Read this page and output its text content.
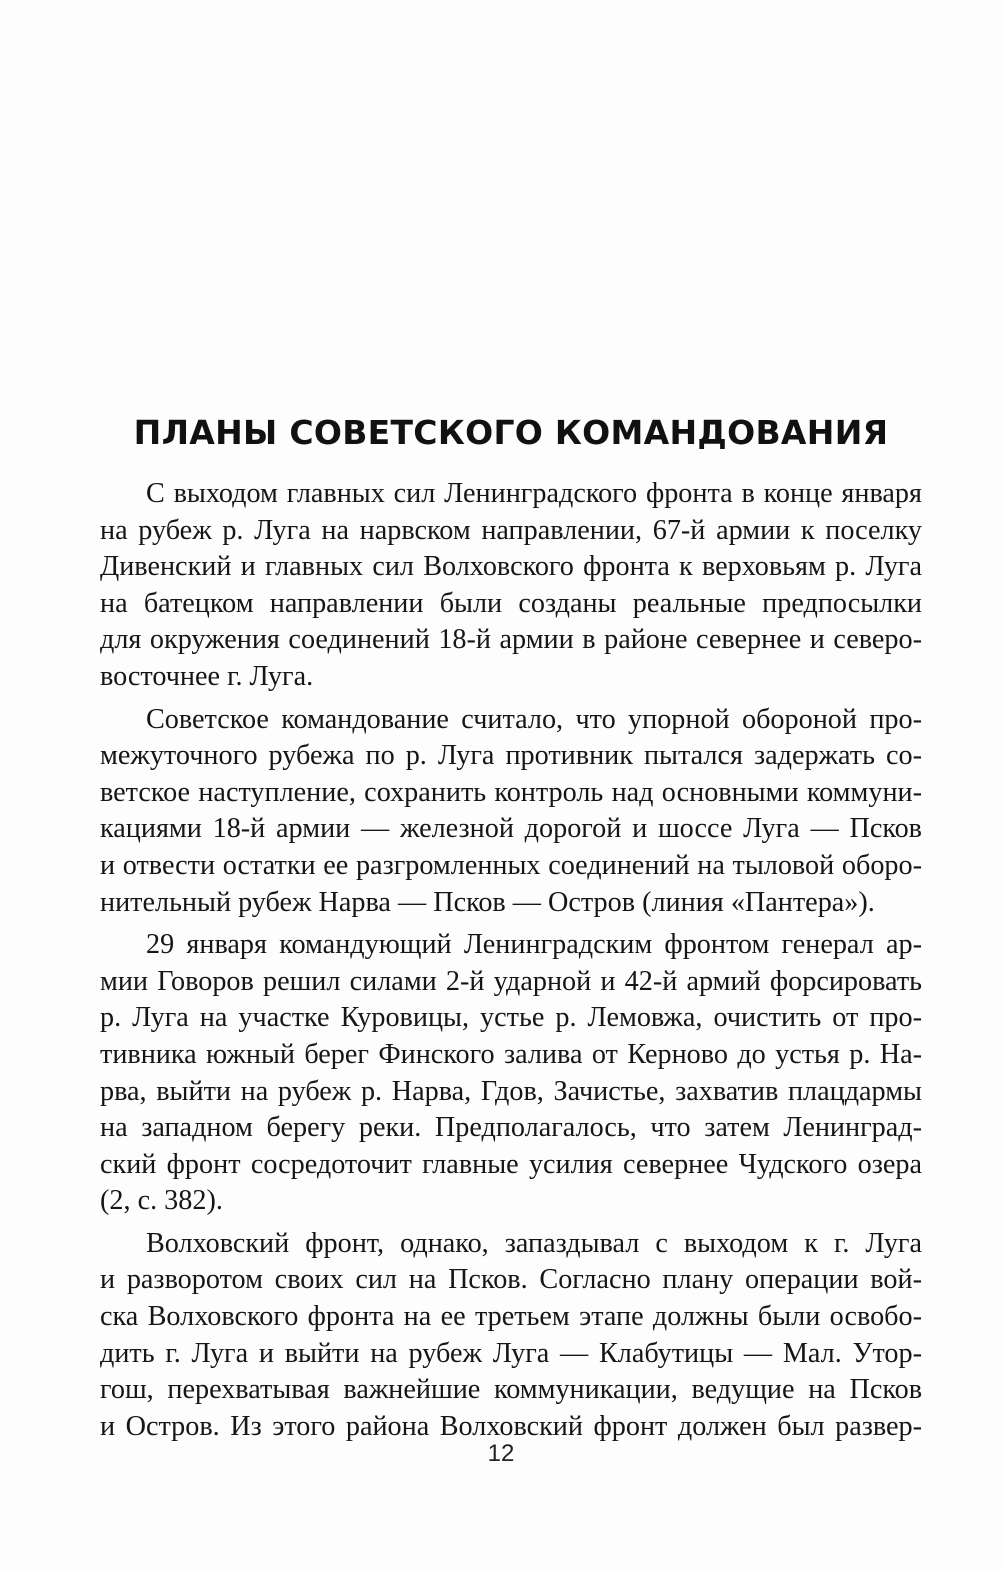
ПЛАНЫ СОВЕТСКОГО КОМАНДОВАНИЯ

С выходом главных сил Ленинградского фронта в конце января
на рубеж р. Луга на нарвском направлении, 67-й армии к поселку
Дивенский и главных сил Волховского фронта к верховьям р. Луга
на батецком направлении были созданы реальные предпосылки
для окружения соединений 18-й армии в районе севернее и северо-
восточнее г. Луга.

Советское командование считало, что упорной обороной про-
межуточного рубежа по р. Луга противник пытался задержать со-
ветское наступление, сохранить контроль над основными коммуни-
кациями 18-й армии — железной дорогой и шоссе Луга — Псков
и отвести остатки ее разгромленных соединений на тыловой оборо-
нительный рубеж Нарва — Псков — Остров (линия «Пантера»).

29 января командующий Ленинградским фронтом генерал ар-
мии Говоров решил силами 2-й ударной и 42-й армий форсировать
р. Луга на участке Куровицы, устье р. Лемовжа, очистить от про-
тивника южный берег Финского залива от Керново до устья р. На-
рва, выйти на рубеж р. Нарва, Гдов, Зачистье, захватив плацдармы
на западном берегу реки. Предполагалось, что затем Ленинград-
ский фронт сосредоточит главные усилия севернее Чудского озера
(2, с. 382).

Волховский фронт, однако, запаздывал с выходом к г. Луга
и разворотом своих сил на Псков. Согласно плану операции вой-
ска Волховского фронта на ее третьем этапе должны были освобо-
дить г. Луга и выйти на рубеж Луга — Клабутицы — Мал. Утор-
гош, перехватывая важнейшие коммуникации, ведущие на Псков
и Остров. Из этого района Волховский фронт должен был развер-

12
